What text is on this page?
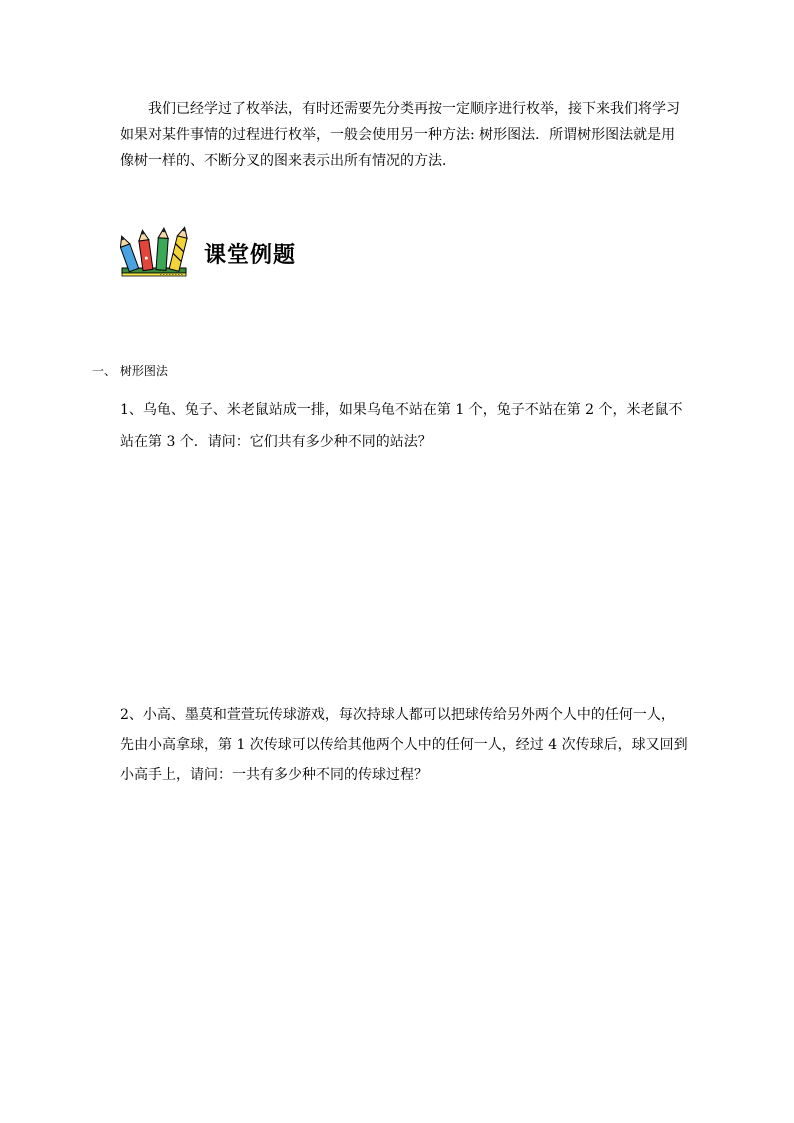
我们已经学过了枚举法，有时还需要先分类再按一定顺序进行枚举，接下来我们将学习

如果对某件事情的过程进行枚举，一般会使用另一种方法: 树形图法．所谓树形图法就是用

像树一样的、不断分叉的图来表示出所有情况的方法．

课堂例题
一、 树形图法

1、乌龟、兔子、米老鼠站成一排，如果乌龟不站在第 1 个，兔子不站在第 2 个，米老鼠不

站在第 3 个．请问：它们共有多少种不同的站法？

2、小高、墨莫和萱萱玩传球游戏，每次持球人都可以把球传给另外两个人中的任何一人，

先由小高拿球，第 1 次传球可以传给其他两个人中的任何一人，经过 4 次传球后，球又回到

小高手上，请问：一共有多少种不同的传球过程？
